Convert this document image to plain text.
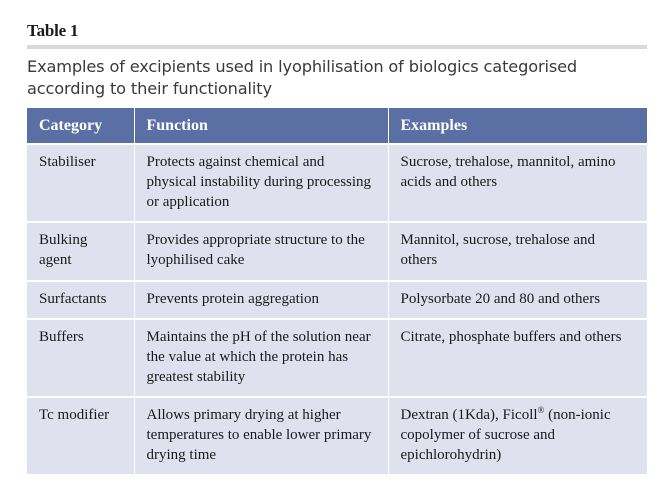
Table 1
Examples of excipients used in lyophilisation of biologics categorised according to their functionality
Category	Function	Examples
Stabiliser	Protects against chemical and physical instability during processing or application	Sucrose, trehalose, mannitol, amino acids and others
Bulking agent	Provides appropriate structure to the lyophilised cake	Mannitol, sucrose, trehalose and others
Surfactants	Prevents protein aggregation	Polysorbate 20 and 80 and others
Buffers	Maintains the pH of the solution near the value at which the protein has greatest stability	Citrate, phosphate buffers and others
Tc modifier	Allows primary drying at higher temperatures to enable lower primary drying time	Dextran (1Kda), Ficoll® (non-ionic copolymer of sucrose and epichlorohydrin)
